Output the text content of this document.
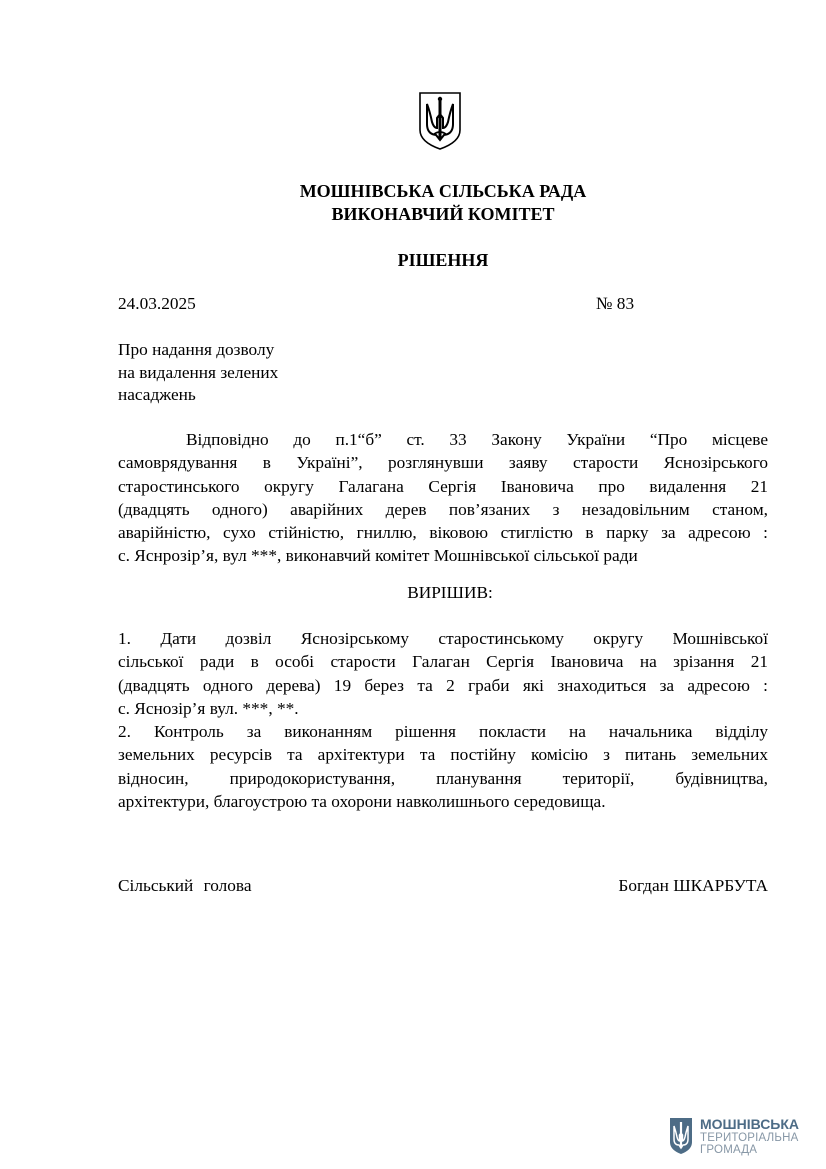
МОШНІВСЬКА СІЛЬСЬКА РАДА
ВИКОНАВЧИЙ КОМІТЕТ
РІШЕННЯ
24.03.2025	№ 83
Про надання дозволу
на видалення зелених
насаджень
Відповідно до п.1“б” ст. 33 Закону України “Про місцеве
самоврядування в Україні”, розглянувши заяву старости Яснозірського
старостинського округу Галагана Сергія Івановича про видалення 21
(двадцять одного) аварійних дерев пов’язаних з незадовільним станом,
аварійністю, сухо стійністю, гниллю, віковою стиглістю в парку за адресою :
с. Яснрозір’я, вул ***, виконавчий комітет Мошнівської сільської ради
ВИРІШИВ:
1. Дати дозвіл Яснозірському старостинському округу Мошнівської
сільської ради в особі старости Галаган Сергія Івановича на зрізання 21
(двадцять одного дерева) 19 берез та 2 граби які знаходиться за адресою :
с. Яснозір’я вул. ***, **.
2. Контроль за виконанням рішення покласти на начальника відділу
земельних ресурсів та архітектури та постійну комісію з питань земельних
відносин, природокористування, планування території, будівництва,
архітектури, благоустрою та охорони навколишнього середовища.
Сільський голова	Богдан ШКАРБУТА
МОШНІВСЬКА
ТЕРИТОРІАЛЬНА
ГРОМАДА
